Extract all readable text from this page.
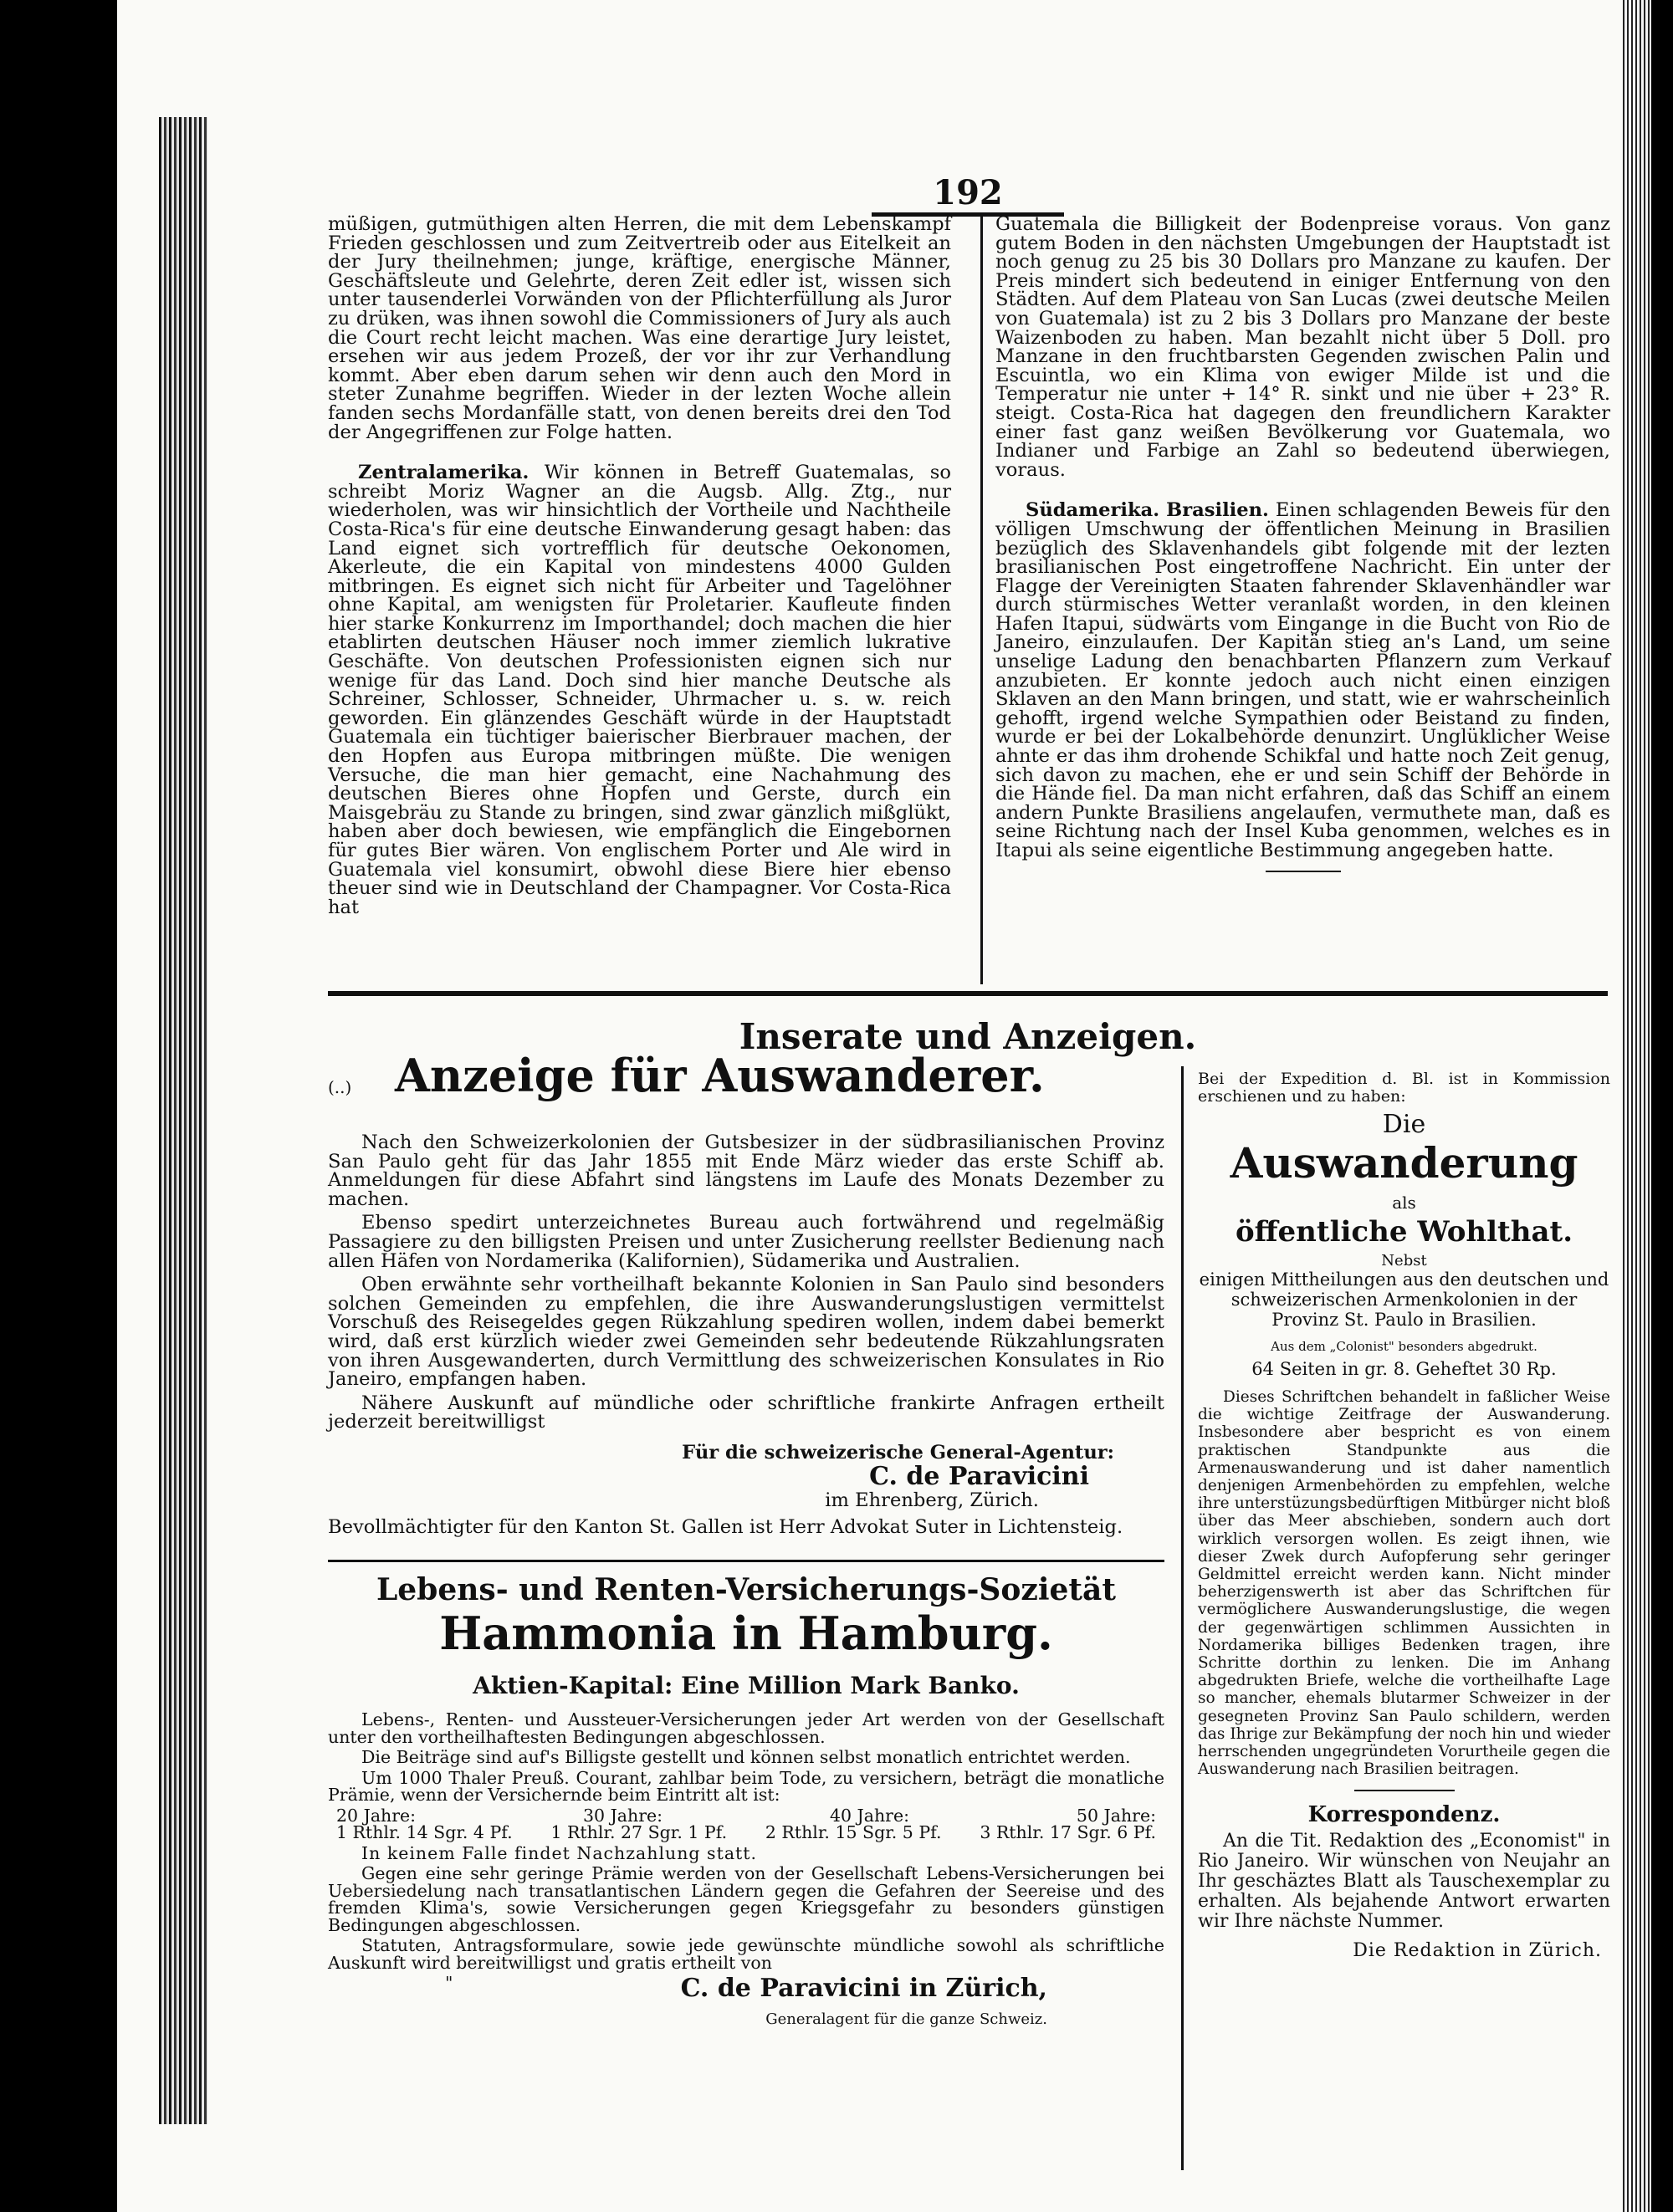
192

müßigen, gutmüthigen alten Herren, die mit dem Lebenskampf Frieden geschlossen und zum Zeitvertreib oder aus Eitelkeit an der Jury theilnehmen; junge, kräftige, energische Männer, Geschäftsleute und Gelehrte, deren Zeit edler ist, wissen sich unter tausenderlei Vorwänden von der Pflichterfüllung als Juror zu drüken, was ihnen sowohl die Commissioners of Jury als auch die Court recht leicht machen. Was eine derartige Jury leistet, ersehen wir aus jedem Prozeß, der vor ihr zur Verhandlung kommt. Aber eben darum sehen wir denn auch den Mord in steter Zunahme begriffen. Wieder in der lezten Woche allein fanden sechs Mordanfälle statt, von denen bereits drei den Tod der Angegriffenen zur Folge hatten.

Zentralamerika. Wir können in Betreff Guatemalas, so schreibt Moriz Wagner an die Augsb. Allg. Ztg., nur wiederholen, was wir hinsichtlich der Vortheile und Nachtheile Costa-Rica's für eine deutsche Einwanderung gesagt haben: das Land eignet sich vortrefflich für deutsche Oekonomen, Akerleute, die ein Kapital von mindestens 4000 Gulden mitbringen. Es eignet sich nicht für Arbeiter und Tagelöhner ohne Kapital, am wenigsten für Proletarier. Kaufleute finden hier starke Konkurrenz im Importhandel; doch machen die hier etablirten deutschen Häuser noch immer ziemlich lukrative Geschäfte. Von deutschen Professionisten eignen sich nur wenige für das Land. Doch sind hier manche Deutsche als Schreiner, Schlosser, Schneider, Uhrmacher u. s. w. reich geworden. Ein glänzendes Geschäft würde in der Hauptstadt Guatemala ein tüchtiger baierischer Bierbrauer machen, der den Hopfen aus Europa mitbringen müßte. Die wenigen Versuche, die man hier gemacht, eine Nachahmung des deutschen Bieres ohne Hopfen und Gerste, durch ein Maisgebräu zu Stande zu bringen, sind zwar gänzlich mißglükt, haben aber doch bewiesen, wie empfänglich die Eingebornen für gutes Bier wären. Von englischem Porter und Ale wird in Guatemala viel konsumirt, obwohl diese Biere hier ebenso theuer sind wie in Deutschland der Champagner. Vor Costa-Rica hat

Guatemala die Billigkeit der Bodenpreise voraus. Von ganz gutem Boden in den nächsten Umgebungen der Hauptstadt ist noch genug zu 25 bis 30 Dollars pro Manzane zu kaufen. Der Preis mindert sich bedeutend in einiger Entfernung von den Städten. Auf dem Plateau von San Lucas (zwei deutsche Meilen von Guatemala) ist zu 2 bis 3 Dollars pro Manzane der beste Waizenboden zu haben. Man bezahlt nicht über 5 Doll. pro Manzane in den fruchtbarsten Gegenden zwischen Palin und Escuintla, wo ein Klima von ewiger Milde ist und die Temperatur nie unter + 14° R. sinkt und nie über + 23° R. steigt. Costa-Rica hat dagegen den freundlichern Karakter einer fast ganz weißen Bevölkerung vor Guatemala, wo Indianer und Farbige an Zahl so bedeutend überwiegen, voraus.

Südamerika. Brasilien. Einen schlagenden Beweis für den völligen Umschwung der öffentlichen Meinung in Brasilien bezüglich des Sklavenhandels gibt folgende mit der lezten brasilianischen Post eingetroffene Nachricht. Ein unter der Flagge der Vereinigten Staaten fahrender Sklavenhändler war durch stürmisches Wetter veranlaßt worden, in den kleinen Hafen Itapui, südwärts vom Eingange in die Bucht von Rio de Janeiro, einzulaufen. Der Kapitän stieg an's Land, um seine unselige Ladung den benachbarten Pflanzern zum Verkauf anzubieten. Er konnte jedoch auch nicht einen einzigen Sklaven an den Mann bringen, und statt, wie er wahrscheinlich gehofft, irgend welche Sympathien oder Beistand zu finden, wurde er bei der Lokalbehörde denunzirt. Unglüklicher Weise ahnte er das ihm drohende Schikfal und hatte noch Zeit genug, sich davon zu machen, ehe er und sein Schiff der Behörde in die Hände fiel. Da man nicht erfahren, daß das Schiff an einem andern Punkte Brasiliens angelaufen, vermuthete man, daß es seine Richtung nach der Insel Kuba genommen, welches es in Itapui als seine eigentliche Bestimmung angegeben hatte.

Inserate und Anzeigen.
(..) Anzeige für Auswanderer.

Nach den Schweizerkolonien der Gutsbesizer in der südbrasilianischen Provinz San Paulo geht für das Jahr 1855 mit Ende März wieder das erste Schiff ab. Anmeldungen für diese Abfahrt sind längstens im Laufe des Monats Dezember zu machen.

Ebenso spedirt unterzeichnetes Bureau auch fortwährend und regelmäßig Passagiere zu den billigsten Preisen und unter Zusicherung reellster Bedienung nach allen Häfen von Nordamerika (Kalifornien), Südamerika und Australien.

Oben erwähnte sehr vortheilhaft bekannte Kolonien in San Paulo sind besonders solchen Gemeinden zu empfehlen, die ihre Auswanderungslustigen vermittelst Vorschuß des Reisegeldes gegen Rükzahlung spediren wollen, indem dabei bemerkt wird, daß erst kürzlich wieder zwei Gemeinden sehr bedeutende Rükzahlungsraten von ihren Ausgewanderten, durch Vermittlung des schweizerischen Konsulates in Rio Janeiro, empfangen haben.

Nähere Auskunft auf mündliche oder schriftliche frankirte Anfragen ertheilt jederzeit bereitwilligst

Für die schweizerische General-Agentur:
C. de Paravicini
im Ehrenberg, Zürich.

Bevollmächtigter für den Kanton St. Gallen ist Herr Advokat Suter in Lichtensteig.

Lebens- und Renten-Versicherungs-Sozietät
Hammonia in Hamburg.
Aktien-Kapital: Eine Million Mark Banko.

Lebens-, Renten- und Aussteuer-Versicherungen jeder Art werden von der Gesellschaft unter den vortheilhaftesten Bedingungen abgeschlossen.

Die Beiträge sind auf's Billigste gestellt und können selbst monatlich entrichtet werden.

Um 1000 Thaler Preuß. Courant, zahlbar beim Tode, zu versichern, beträgt die monatliche Prämie, wenn der Versichernde beim Eintritt alt ist:

20 Jahre:	30 Jahre:	40 Jahre:	50 Jahre:
1 Rthlr. 14 Sgr. 4 Pf. 1 Rthlr. 27 Sgr. 1 Pf. 2 Rthlr. 15 Sgr. 5 Pf. 3 Rthlr. 17 Sgr. 6 Pf.

In keinem Falle findet Nachzahlung statt.

Gegen eine sehr geringe Prämie werden von der Gesellschaft Lebens-Versicherungen bei Uebersiedelung nach transatlantischen Ländern gegen die Gefahren der Seereise und des fremden Klima's, sowie Versicherungen gegen Kriegsgefahr zu besonders günstigen Bedingungen abgeschlossen.

Statuten, Antragsformulare, sowie jede gewünschte mündliche sowohl als schriftliche Auskunft wird bereitwilligst und gratis ertheilt von

"	C. de Paravicini in Zürich,
Generalagent für die ganze Schweiz.

Bei der Expedition d. Bl. ist in Kommission erschienen und zu haben:

Die
Auswanderung
als
öffentliche Wohlthat.
Nebst

einigen Mittheilungen aus den deutschen und schweizerischen Armenkolonien in der Provinz St. Paulo in Brasilien.

Aus dem „Colonist" besonders abgedrukt.
64 Seiten in gr. 8. Geheftet 30 Rp.

Dieses Schriftchen behandelt in faßlicher Weise die wichtige Zeitfrage der Auswanderung. Insbesondere aber bespricht es von einem praktischen Standpunkte aus die Armenauswanderung und ist daher namentlich denjenigen Armenbehörden zu empfehlen, welche ihre unterstüzungsbedürftigen Mitbürger nicht bloß über das Meer abschieben, sondern auch dort wirklich versorgen wollen. Es zeigt ihnen, wie dieser Zwek durch Aufopferung sehr geringer Geldmittel erreicht werden kann. Nicht minder beherzigenswerth ist aber das Schriftchen für vermöglichere Auswanderungslustige, die wegen der gegenwärtigen schlimmen Aussichten in Nordamerika billiges Bedenken tragen, ihre Schritte dorthin zu lenken. Die im Anhang abgedrukten Briefe, welche die vortheilhafte Lage so mancher, ehemals blutarmer Schweizer in der gesegneten Provinz San Paulo schildern, werden das Ihrige zur Bekämpfung der noch hin und wieder herrschenden ungegründeten Vorurtheile gegen die Auswanderung nach Brasilien beitragen.

Korrespondenz.

An die Tit. Redaktion des „Economist" in Rio Janeiro. Wir wünschen von Neujahr an Ihr geschäztes Blatt als Tauschexemplar zu erhalten. Als bejahende Antwort erwarten wir Ihre nächste Nummer.

Die Redaktion in Zürich.
